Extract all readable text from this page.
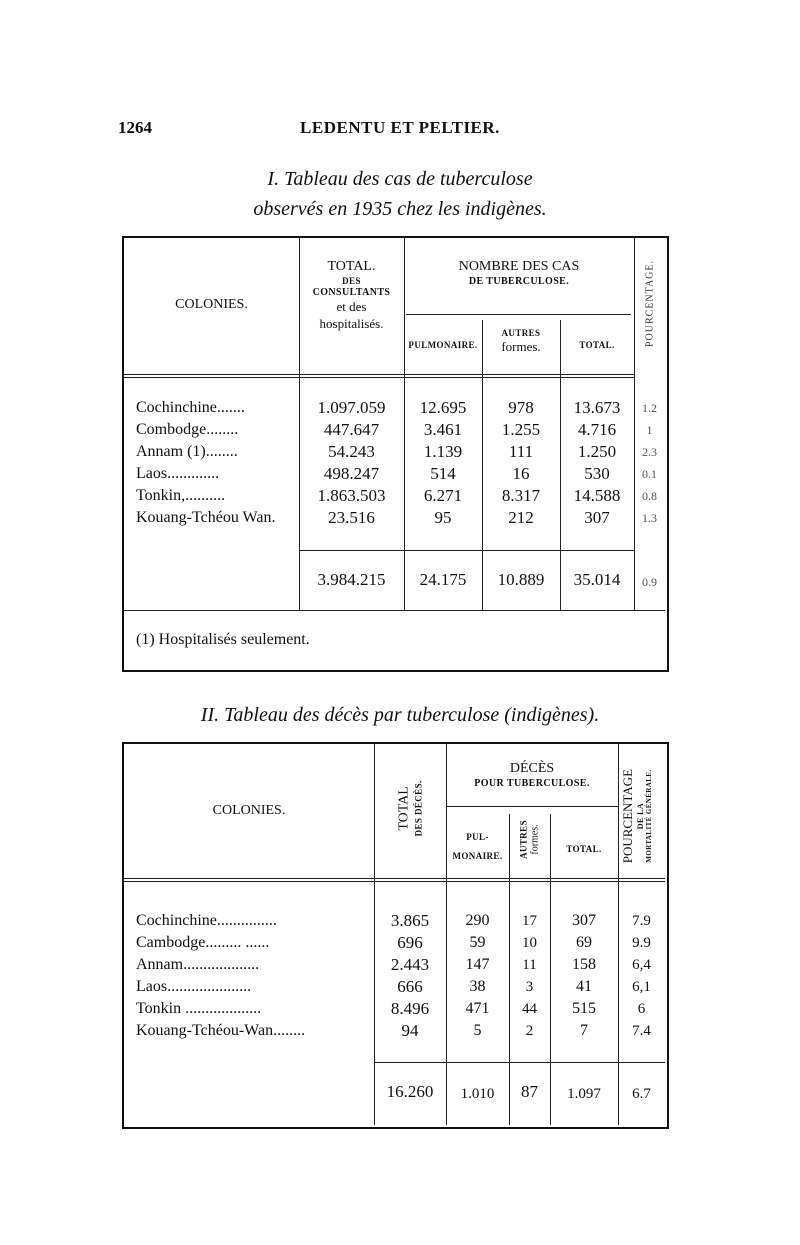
1264	LEDENTU ET PELTIER.
I. Tableau des cas de tuberculose
observés en 1935 chez les indigènes.
COLONIES.
TOTAL.
DES
CONSULTANTS
et des
hospitalisés.
NOMBRE DES CAS
DE TUBERCULOSE.
PULMONAIRE.
AUTRES
formes.	TOTAL.	POURCENTAGE.
Cochinchine.......	1.097.059	12.695	978	13.673	1.2
Combodge........	447.647	3.461	1.255	4.716	1
Annam (1)........	54.243	1.139	111	1.250	2.3
Laos.............	498.247	514	16	530	0.1
Tonkin,..........	1.863.503	6.271	8.317	14.588	0.8
Kouang-Tchéou Wan.	23.516	95	212	307	1.3
3.984.215	24.175	10.889	35.014	0.9
(1) Hospitalisés seulement.
II. Tableau des décès par tuberculose (indigènes).
COLONIES.	TOTAL DES DÉCÈS.
DÉCÈS
POUR TUBERCULOSE.
PUL-
MONAIRE.	AUTRES formes.	TOTAL.	POURCENTAGE DE LA MORTALITÉ GÉNÉRALE.
Cochinchine...............	3.865	290	17	307	7.9
Cambodge......... ......	696	59	10	69	9.9
Annam...................	2.443	147	11	158	6,4
Laos.....................	666	38	3	41	6,1
Tonkin ...................	8.496	471	44	515	6
Kouang-Tchéou-Wan........	94	5	2	7	7.4
16.260	1.010	87	1.097	6.7
